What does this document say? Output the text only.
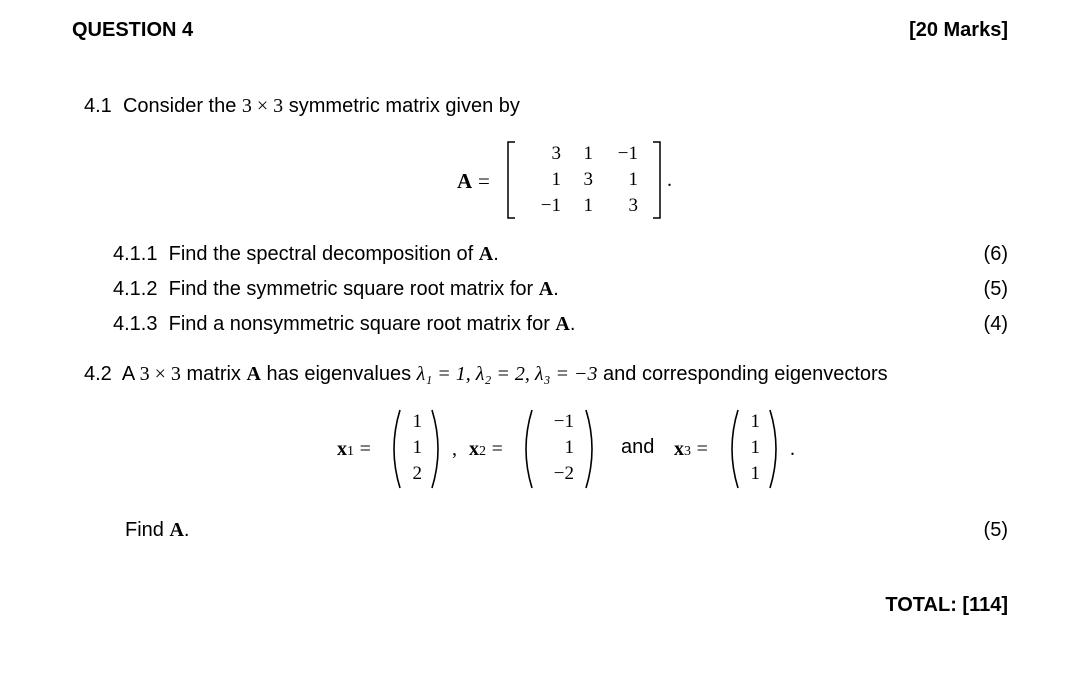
QUESTION 4	[20 Marks]
4.1 Consider the 3 × 3 symmetric matrix given by
A =
3	1	−1
1	3	1
−1	1	3
.
4.1.1 Find the spectral decomposition of A.	(6)
4.1.2 Find the symmetric square root matrix for A.	(5)
4.1.3 Find a nonsymmetric square root matrix for A.	(4)
4.2 A 3 × 3 matrix A has eigenvalues λ₁ = 1, λ₂ = 2, λ₃ = −3 and corresponding eigenvectors
x1 =
1
1
2
, x2 =
−1
1
−2
and x3 =
1
1
1
.
Find A.	(5)
TOTAL: [114]
